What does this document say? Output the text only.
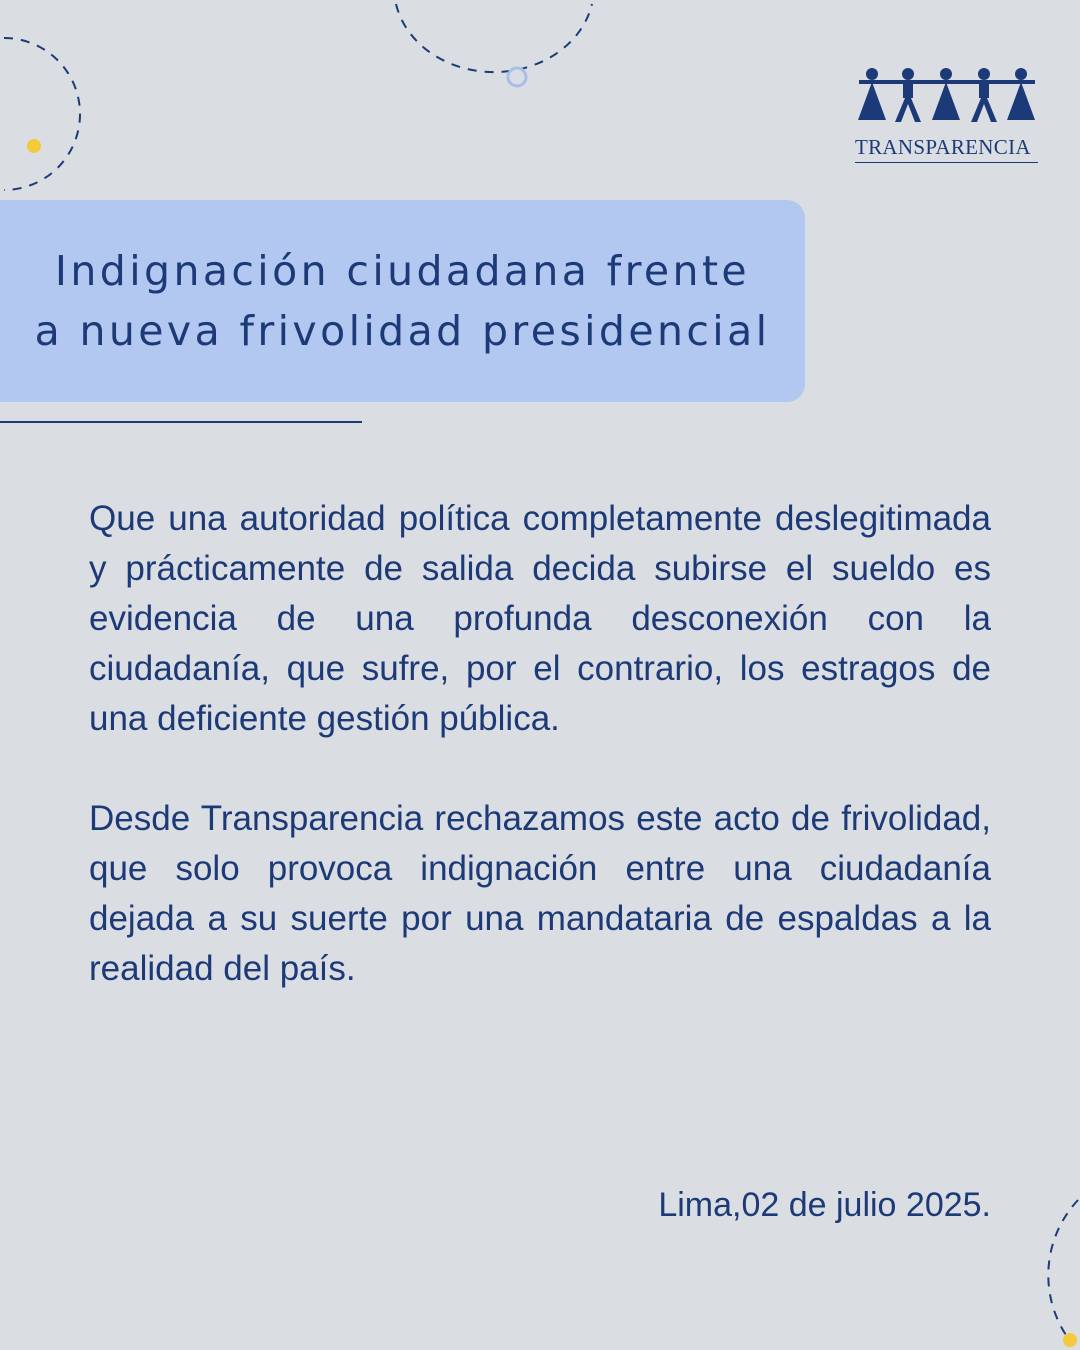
TRANSPARENCIA
Indignación ciudadana frente a nueva frivolidad presidencial

Que una autoridad política completamente deslegitimada y prácticamente de salida decida subirse el sueldo es evidencia de una profunda desconexión con la ciudadanía, que sufre, por el contrario, los estragos de una deficiente gestión pública.

Desde Transparencia rechazamos este acto de frivolidad, que solo provoca indignación entre una ciudadanía dejada a su suerte por una mandataria de espaldas a la realidad del país.

Lima,02 de julio 2025.
